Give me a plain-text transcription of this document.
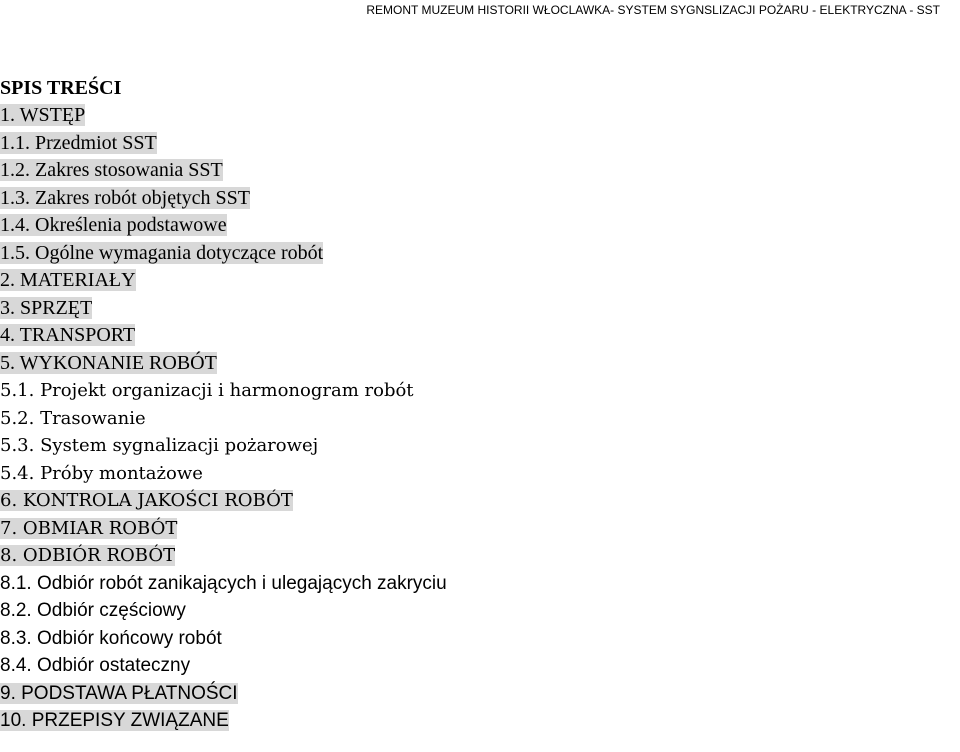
REMONT MUZEUM HISTORII WŁOCLAWKA- SYSTEM SYGNSLIZACJI POŻARU - ELEKTRYCZNA - SST
SPIS TREŚCI
1. WSTĘP
1.1. Przedmiot SST
1.2. Zakres stosowania SST
1.3. Zakres robót objętych SST
1.4. Określenia podstawowe
1.5. Ogólne wymagania dotyczące robót
2. MATERIAŁY
3. SPRZĘT
4. TRANSPORT
5. WYKONANIE ROBÓT
5.1. Projekt organizacji i harmonogram robót
5.2. Trasowanie
5.3. System sygnalizacji pożarowej
5.4. Próby montażowe
6. KONTROLA JAKOŚCI ROBÓT
7. OBMIAR ROBÓT
8. ODBIÓR ROBÓT
8.1. Odbiór robót zanikających i ulegających zakryciu
8.2. Odbiór częściowy
8.3. Odbiór końcowy robót
8.4. Odbiór ostateczny
9. PODSTAWA PŁATNOŚCI
10. PRZEPISY ZWIĄZANE
